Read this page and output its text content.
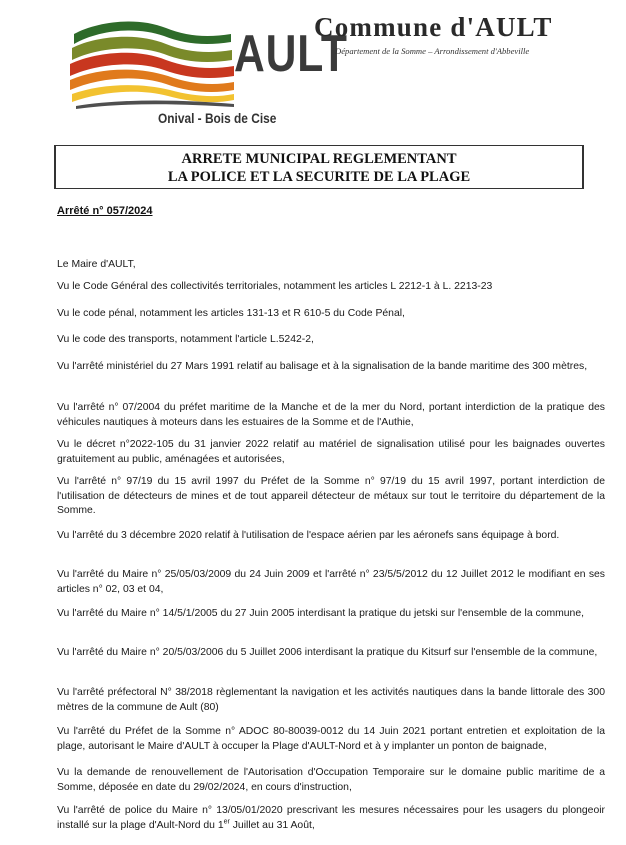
AULT
Onival - Bois de Cise
Commune d'AULT
Département de la Somme – Arrondissement d'Abbeville
ARRETE MUNICIPAL REGLEMENTANT
LA POLICE ET LA SECURITE DE LA PLAGE
Arrêté n° 057/2024

Le Maire d'AULT,

Vu le Code Général des collectivités territoriales, notamment les articles L 2212-1 à L. 2213-23

Vu le code pénal, notamment les articles 131-13 et R 610-5 du Code Pénal,

Vu le code des transports, notamment l'article L.5242-2,

Vu l'arrêté ministériel du 27 Mars 1991 relatif au balisage et à la signalisation de la bande maritime des 300 mètres,

Vu l'arrêté n° 07/2004 du préfet maritime de la Manche et de la mer du Nord, portant interdiction de la pratique des véhicules nautiques à moteurs dans les estuaires de la Somme et de l'Authie,

Vu le décret n°2022-105 du 31 janvier 2022 relatif au matériel de signalisation utilisé pour les baignades ouvertes gratuitement au public, aménagées et autorisées,

Vu l'arrêté n° 97/19 du 15 avril 1997 du Préfet de la Somme n° 97/19 du 15 avril 1997, portant interdiction de l'utilisation de détecteurs de mines et de tout appareil détecteur de métaux sur tout le territoire du département de la Somme.

Vu l'arrêté du 3 décembre 2020 relatif à l'utilisation de l'espace aérien par les aéronefs sans équipage à bord.

Vu l'arrêté du Maire n° 25/05/03/2009 du 24 Juin 2009 et l'arrêté n° 23/5/5/2012 du 12 Juillet 2012 le modifiant en ses articles n° 02, 03 et 04,

Vu l'arrêté du Maire n° 14/5/1/2005 du 27 Juin 2005 interdisant la pratique du jetski sur l'ensemble de la commune,

Vu l'arrêté du Maire n° 20/5/03/2006 du 5 Juillet 2006 interdisant la pratique du Kitsurf sur l'ensemble de la commune,

Vu l'arrêté préfectoral N° 38/2018 règlementant la navigation et les activités nautiques dans la bande littorale des 300 mètres de la commune de Ault (80)

Vu l'arrêté du Préfet de la Somme n° ADOC 80-80039-0012 du 14 Juin 2021 portant entretien et exploitation de la plage, autorisant le Maire d'AULT à occuper la Plage d'AULT-Nord et à y implanter un ponton de baignade,

Vu la demande de renouvellement de l'Autorisation d'Occupation Temporaire sur le domaine public maritime de a Somme, déposée en date du 29/02/2024, en cours d'instruction,

Vu l'arrêté de police du Maire n° 13/05/01/2020 prescrivant les mesures nécessaires pour les usagers du plongeoir installé sur la plage d'Ault-Nord du 1er Juillet au 31 Août,
